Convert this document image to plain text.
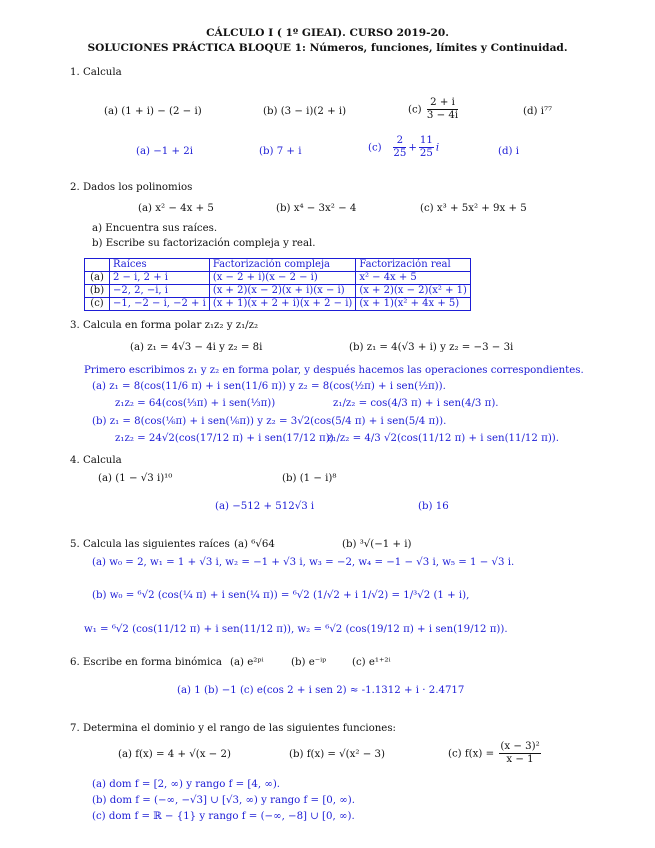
CÁLCULO I ( 1º GIEAI). CURSO 2019-20.
SOLUCIONES PRÁCTICA BLOQUE 1: Números, funciones, límites y Continuidad.
1. Calcula
(a) (1 + i) − (2 − i)	(b) (3 − i)(2 + i)	$(c) \frac{2 + i}{3 - 4i}$	(d) i⁷⁷
(a) −1 + 2i	(b) 7 + i	$(c) \frac{2}{25} + \frac{11}{25}$ i	(d) i
2. Dados los polinomios
(a) x² − 4x + 5	(b) x⁴ − 3x² − 4	(c) x³ + 5x² + 9x + 5
a) Encuentra sus raíces.
b) Escribe su factorización compleja y real.
	Raíces	Factorización compleja	Factorización real
(a)	2 − i, 2 + i	(x − 2 + i)(x − 2 − i)	x² − 4x + 5
(b)	−2, 2, −i, i	(x + 2)(x − 2)(x + i)(x − i)	(x + 2)(x − 2)(x² + 1)
(c)	−1, −2 − i, −2 + i	(x + 1)(x + 2 + i)(x + 2 − i)	(x + 1)(x² + 4x + 5)
3. Calcula en forma polar z₁z₂ y z₁/z₂
(a) z₁ = 4√3 − 4i y z₂ = 8i	(b) z₁ = 4(√3 + i) y z₂ = −3 − 3i
Primero escribimos z₁ y z₂ en forma polar, y después hacemos las operaciones correspondientes.
(a) z₁ = 8(cos(11/6 π) + i sen(11/6 π)) y z₂ = 8(cos(½π) + i sen(½π)).
z₁z₂ = 64(cos(⅓π) + i sen(⅓π))	z₁/z₂ = cos(4/3 π) + i sen(4/3 π).
(b) z₁ = 8(cos(⅙π) + i sen(⅙π)) y z₂ = 3√2(cos(5/4 π) + i sen(5/4 π)).
z₁z₂ = 24√2(cos(17/12 π) + i sen(17/12 π))
z₁/z₂ = 4/3 √2(cos(11/12 π) + i sen(11/12 π)).
4. Calcula
(a) (1 − √3 i)¹⁰	(b) (1 − i)⁸
(a) −512 + 512√3 i	(b) 16
5. Calcula las siguientes raíces (a) ⁶√64	(b) ³√(−1 + i)
(a) w₀ = 2, w₁ = 1 + √3 i, w₂ = −1 + √3 i, w₃ = −2, w₄ = −1 − √3 i, w₅ = 1 − √3 i.
(b) w₀ = ⁶√2 (cos(¼ π) + i sen(¼ π)) = ⁶√2 (1/√2 + i 1/√2) = 1/³√2 (1 + i),
w₁ = ⁶√2 (cos(11/12 π) + i sen(11/12 π)), w₂ = ⁶√2 (cos(19/12 π) + i sen(19/12 π)).
6. Escribe en forma binómica (a) e²ᵖⁱ	(b) e⁻ⁱᵖ	(c) e¹⁺²ⁱ
(a) 1 (b) −1 (c) e(cos 2 + i sen 2) ≈ -1.1312 + i · 2.4717
7. Determina el dominio y el rango de las siguientes funciones:
(a) f(x) = 4 + √(x − 2)	(b) f(x) = √(x² − 3)	(c) $f(x) = \frac{\text{(x − 3)²}}{x - 1}$
(a) dom f = [2, ∞) y rango f = [4, ∞).
(b) dom f = (−∞, −√3] ∪ [√3, ∞) y rango f = [0, ∞).
(c) dom f = ℝ − {1} y rango f = (−∞, −8] ∪ [0, ∞).
